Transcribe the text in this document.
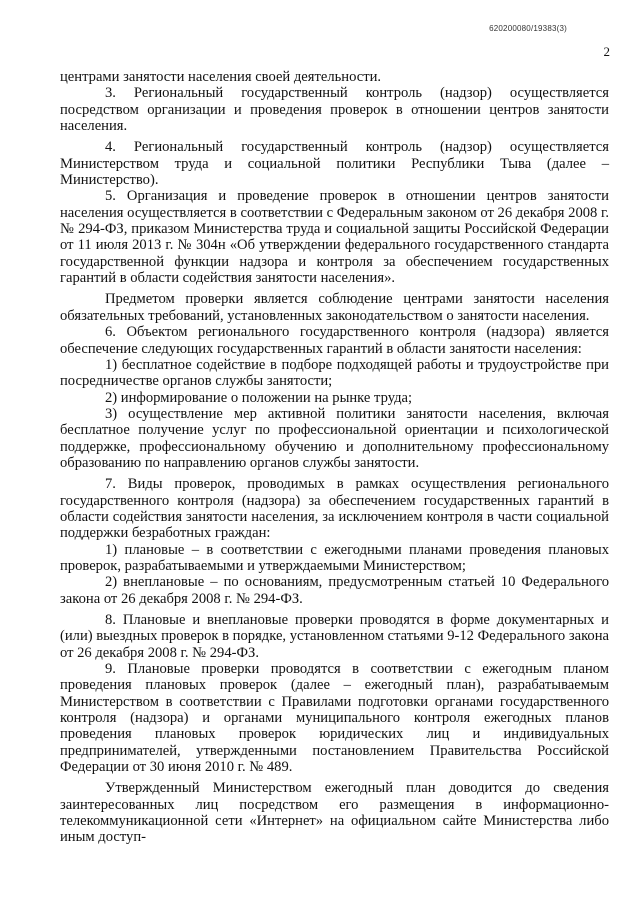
620200080/19383(3)
2

центрами занятости населения своей деятельности.

3. Региональный государственный контроль (надзор) осуществляется посредством организации и проведения проверок в отношении центров занятости населения.

4. Региональный государственный контроль (надзор) осуществляется Министерством труда и социальной политики Республики Тыва (далее – Министерство).

5. Организация и проведение проверок в отношении центров занятости населения осуществляется в соответствии с Федеральным законом от 26 декабря 2008 г. № 294-ФЗ, приказом Министерства труда и социальной защиты Российской Федерации от 11 июля 2013 г. № 304н «Об утверждении федерального государственного стандарта государственной функции надзора и контроля за обеспечением государственных гарантий в области содействия занятости населения».

Предметом проверки является соблюдение центрами занятости населения обязательных требований, установленных законодательством о занятости населения.

6. Объектом регионального государственного контроля (надзора) является обеспечение следующих государственных гарантий в области занятости населения:

1) бесплатное содействие в подборе подходящей работы и трудоустройстве при посредничестве органов службы занятости;

2) информирование о положении на рынке труда;

3) осуществление мер активной политики занятости населения, включая бесплатное получение услуг по профессиональной ориентации и психологической поддержке, профессиональному обучению и дополнительному профессиональному образованию по направлению органов службы занятости.

7. Виды проверок, проводимых в рамках осуществления регионального государственного контроля (надзора) за обеспечением государственных гарантий в области содействия занятости населения, за исключением контроля в части социальной поддержки безработных граждан:

1) плановые – в соответствии с ежегодными планами проведения плановых проверок, разрабатываемыми и утверждаемыми Министерством;

2) внеплановые – по основаниям, предусмотренным статьей 10 Федерального закона от 26 декабря 2008 г. № 294-ФЗ.

8. Плановые и внеплановые проверки проводятся в форме документарных и (или) выездных проверок в порядке, установленном статьями 9-12 Федерального закона от 26 декабря 2008 г. № 294-ФЗ.

9. Плановые проверки проводятся в соответствии с ежегодным планом проведения плановых проверок (далее – ежегодный план), разрабатываемым Министерством в соответствии с Правилами подготовки органами государственного контроля (надзора) и органами муниципального контроля ежегодных планов проведения плановых проверок юридических лиц и индивидуальных предпринимателей, утвержденными постановлением Правительства Российской Федерации от 30 июня 2010 г. № 489.

Утвержденный Министерством ежегодный план доводится до сведения заинтересованных лиц посредством его размещения в информационно-телекоммуникационной сети «Интернет» на официальном сайте Министерства либо иным доступ-
